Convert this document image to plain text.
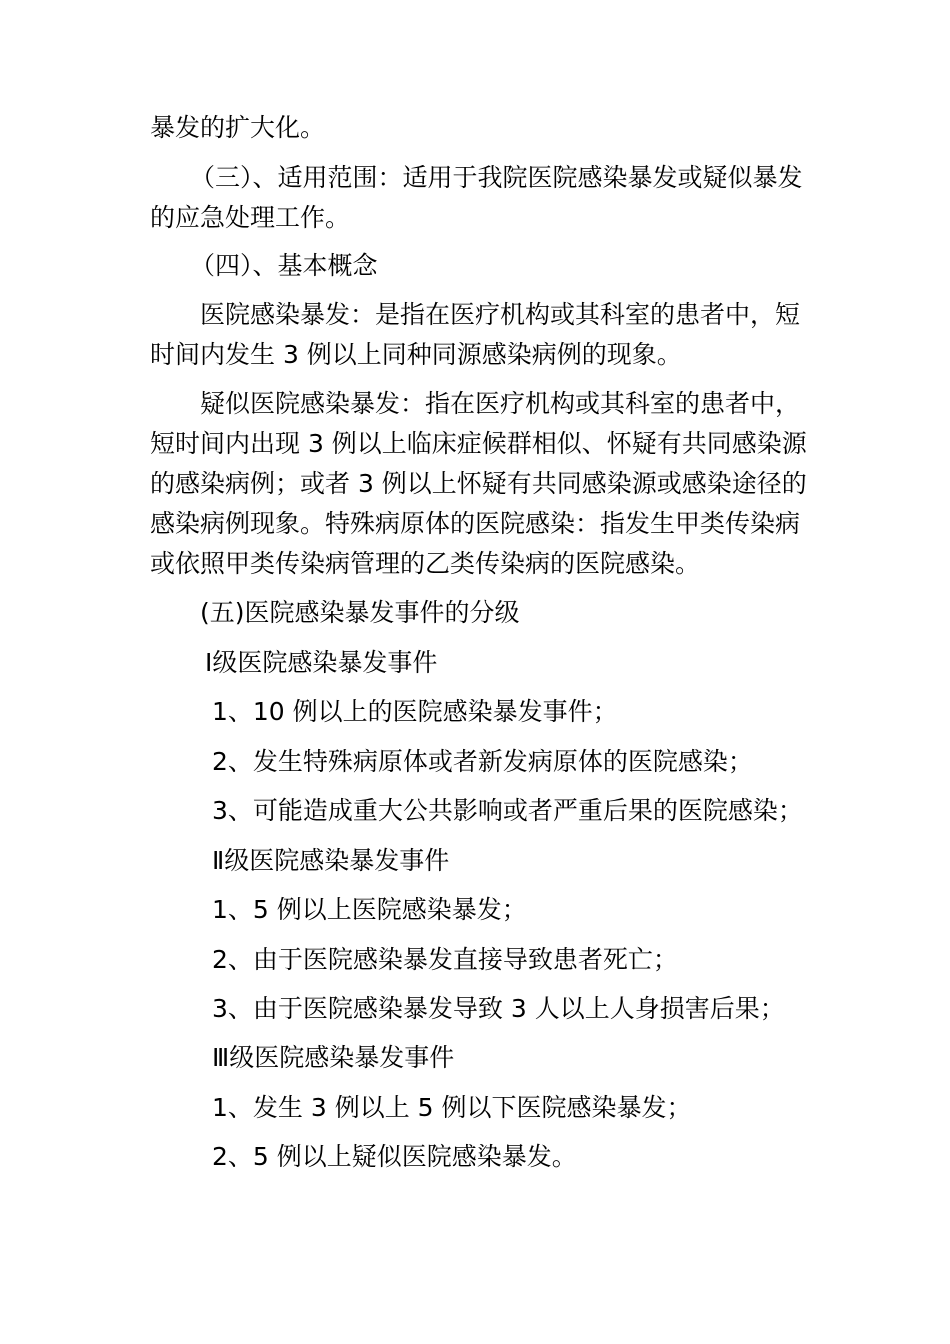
暴发的扩大化。

（三）、适用范围：适用于我院医院感染暴发或疑似暴发
的应急处理工作。

（四）、基本概念

医院感染暴发：是指在医疗机构或其科室的患者中，短
时间内发生 3 例以上同种同源感染病例的现象。

疑似医院感染暴发：指在医疗机构或其科室的患者中，
短时间内出现 3 例以上临床症候群相似、怀疑有共同感染源
的感染病例；或者 3 例以上怀疑有共同感染源或感染途径的
感染病例现象。特殊病原体的医院感染：指发生甲类传染病
或依照甲类传染病管理的乙类传染病的医院感染。

(五)医院感染暴发事件的分级

Ⅰ级医院感染暴发事件

1、10 例以上的医院感染暴发事件；

2、发生特殊病原体或者新发病原体的医院感染；

3、可能造成重大公共影响或者严重后果的医院感染；

Ⅱ级医院感染暴发事件

1、5 例以上医院感染暴发；

2、由于医院感染暴发直接导致患者死亡；

3、由于医院感染暴发导致 3 人以上人身损害后果；

Ⅲ级医院感染暴发事件

1、发生 3 例以上 5 例以下医院感染暴发；

2、5 例以上疑似医院感染暴发。
